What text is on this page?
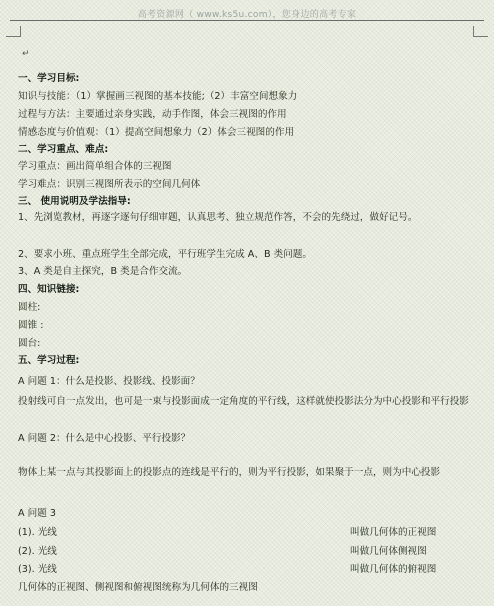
高考资源网（ www.ks5u.com），您身边的高考专家
↵
一、学习目标:
知识与技能：（1）掌握画三视图的基本技能;（2）丰富空间想象力
过程与方法：主要通过亲身实践，动手作图，体会三视图的作用
情感态度与价值观：（1）提高空间想象力（2）体会三视图的作用
二、学习重点、难点:
学习重点：画出简单组合体的三视图
学习难点：识别三视图所表示的空间几何体
三、 使用说明及学法指导:
1、先浏览教材，再逐字逐句仔细审题，认真思考、独立规范作答，不会的先绕过，做好记号。
2、要求小班、重点班学生全部完成，平行班学生完成 A、B 类问题。
3、A 类是自主探究，B 类是合作交流。
四、知识链接:
圆柱:
圆锥 :
圆台:
五、学习过程:
A 问题 1：什么是投影、投影线、投影面？
投射线可自一点发出，也可是一束与投影面成一定角度的平行线，这样就使投影法分为中心投影和平行投影
A 问题 2：什么是中心投影、平行投影？
物体上某一点与其投影面上的投影点的连线是平行的，则为平行投影，如果聚于一点，则为中心投影
A 问题 3
(1). 光线	叫做几何体的正视图
(2). 光线	叫做几何体侧视图
(3). 光线	叫做几何体的俯视图
几何体的正视图、侧视图和俯视图统称为几何体的三视图
